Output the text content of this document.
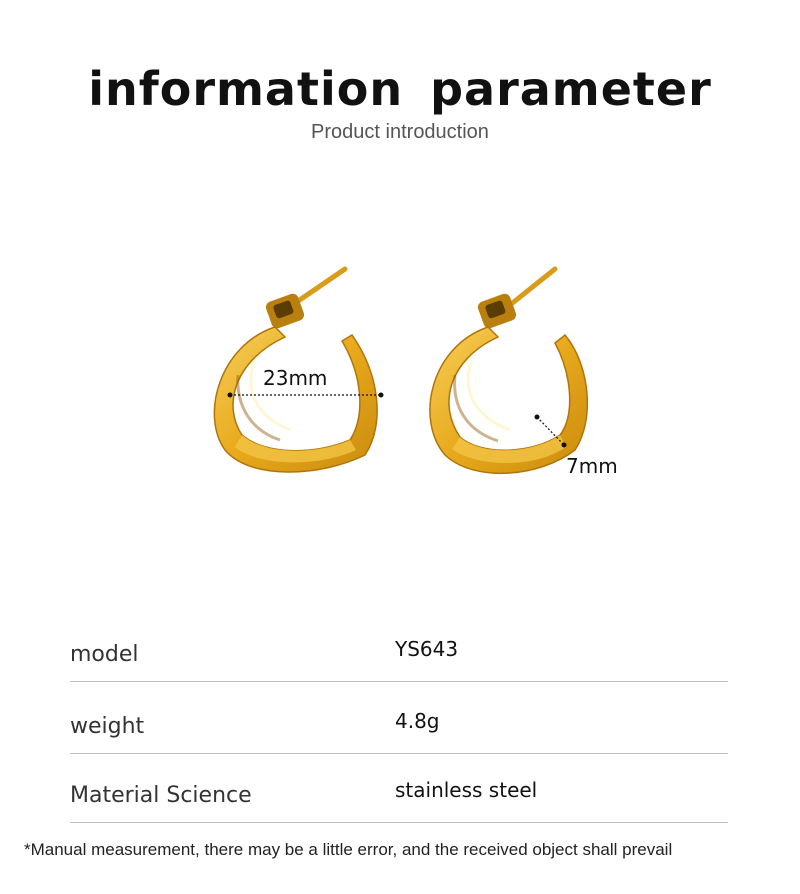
information parameter
Product introduction
23mm
7mm
model	YS643
weight	4.8g
Material Science	stainless steel
*Manual measurement, there may be a little error, and the received object shall prevail
